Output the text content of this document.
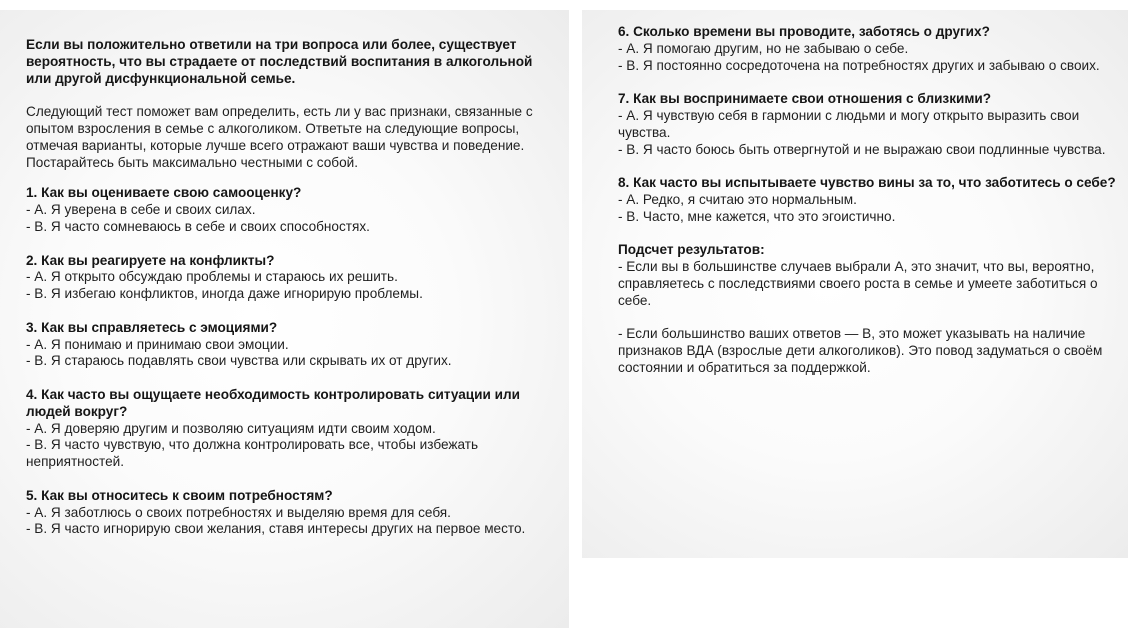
Если вы положительно ответили на три вопроса или более, существует вероятность, что вы страдаете от последствий воспитания в алкогольной или другой дисфункциональной семье.

Следующий тест поможет вам определить, есть ли у вас признаки, связанные с опытом взросления в семье с алкоголиком. Ответьте на следующие вопросы, отмечая варианты, которые лучше всего отражают ваши чувства и поведение. Постарайтесь быть максимально честными с собой.

1. Как вы оцениваете свою самооценку?

- А. Я уверена в себе и своих силах.

- В. Я часто сомневаюсь в себе и своих способностях.

2. Как вы реагируете на конфликты?

- А. Я открыто обсуждаю проблемы и стараюсь их решить.

- В. Я избегаю конфликтов, иногда даже игнорирую проблемы.

3. Как вы справляетесь с эмоциями?

- А. Я понимаю и принимаю свои эмоции.

- В. Я стараюсь подавлять свои чувства или скрывать их от других.

4. Как часто вы ощущаете необходимость контролировать ситуации или людей вокруг?

- А. Я доверяю другим и позволяю ситуациям идти своим ходом.

- В. Я часто чувствую, что должна контролировать все, чтобы избежать неприятностей.

5. Как вы относитесь к своим потребностям?

- А. Я заботлюсь о своих потребностях и выделяю время для себя.

- В. Я часто игнорирую свои желания, ставя интересы других на первое место.

6. Сколько времени вы проводите, заботясь о других?

- А. Я помогаю другим, но не забываю о себе.

- В. Я постоянно сосредоточена на потребностях других и забываю о своих.

7. Как вы воспринимаете свои отношения с близкими?

- А. Я чувствую себя в гармонии с людьми и могу открыто выразить свои чувства.

- В. Я часто боюсь быть отвергнутой и не выражаю свои подлинные чувства.

8. Как часто вы испытываете чувство вины за то, что заботитесь о себе?

- А. Редко, я считаю это нормальным.

- В. Часто, мне кажется, что это эгоистично.

Подсчет результатов:

- Если вы в большинстве случаев выбрали А, это значит, что вы, вероятно, справляетесь с последствиями своего роста в семье и умеете заботиться о себе.

- Если большинство ваших ответов — В, это может указывать на наличие признаков ВДА (взрослые дети алкоголиков). Это повод задуматься о своём состоянии и обратиться за поддержкой.
